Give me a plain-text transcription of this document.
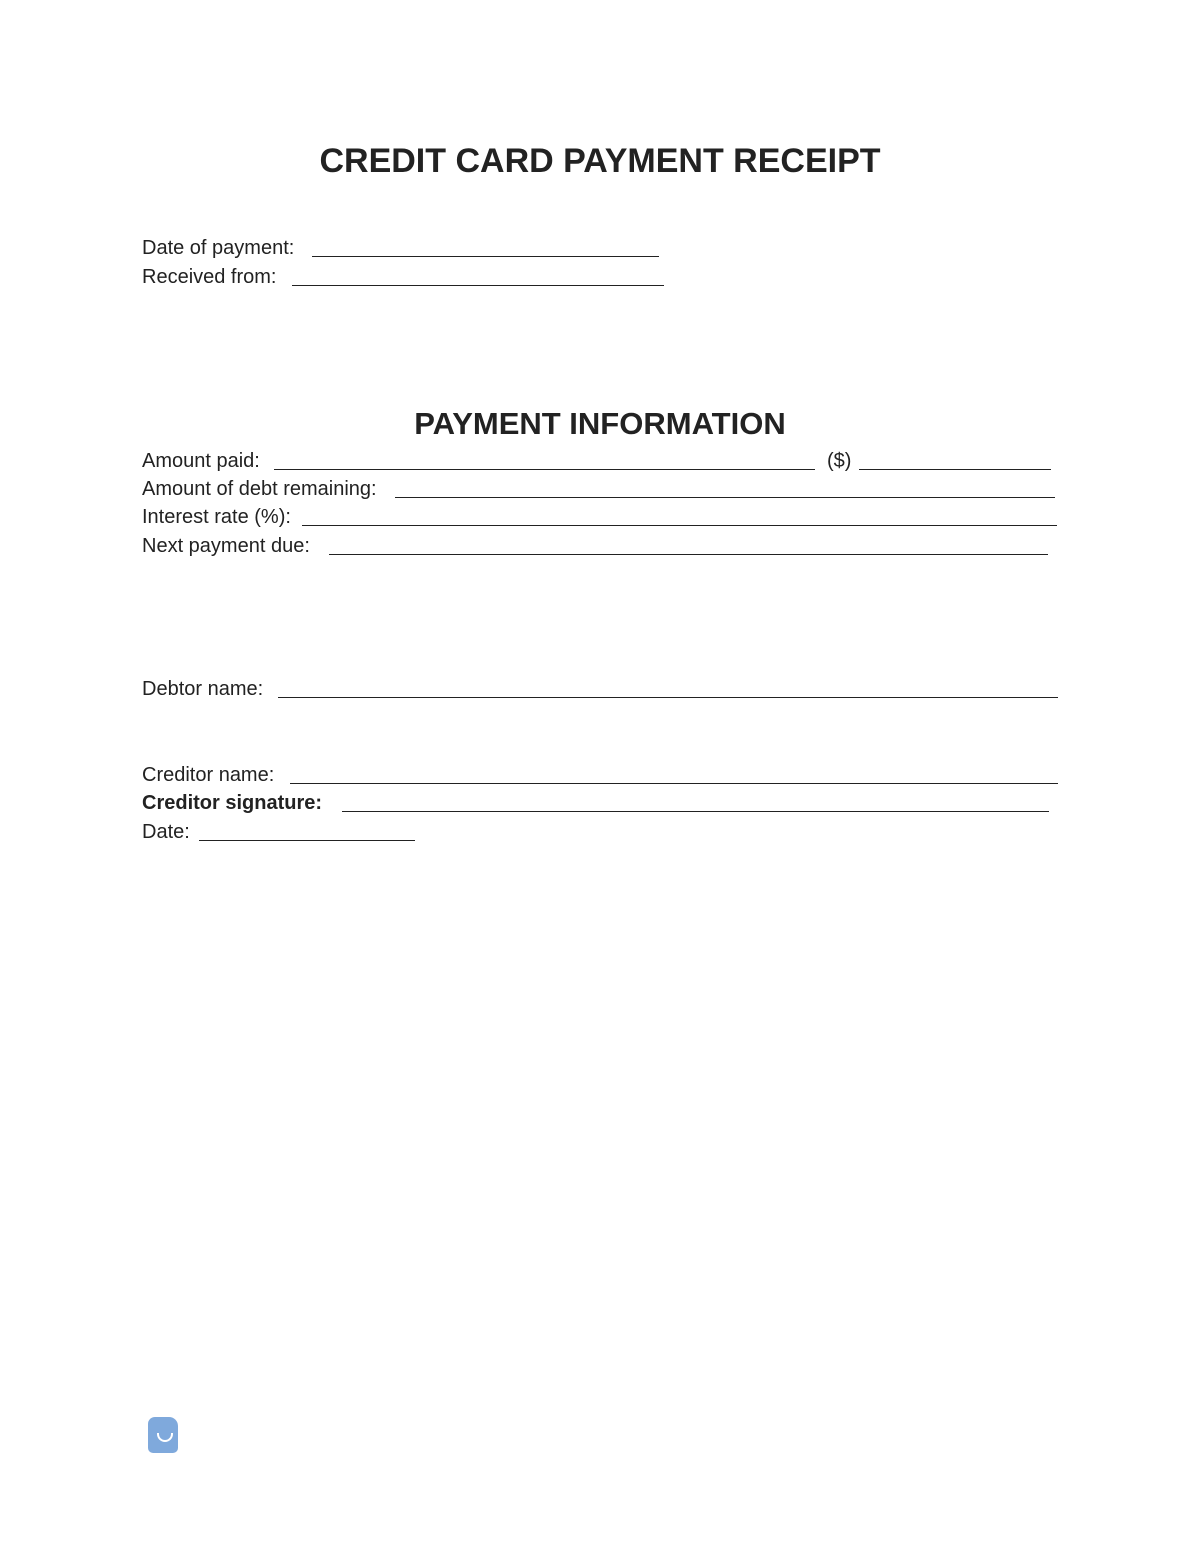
CREDIT CARD PAYMENT RECEIPT
Date of payment:
Received from:
PAYMENT INFORMATION
Amount paid:	($)
Amount of debt remaining:
Interest rate (%):
Next payment due:
Debtor name:
Creditor name:
Creditor signature:
Date:
